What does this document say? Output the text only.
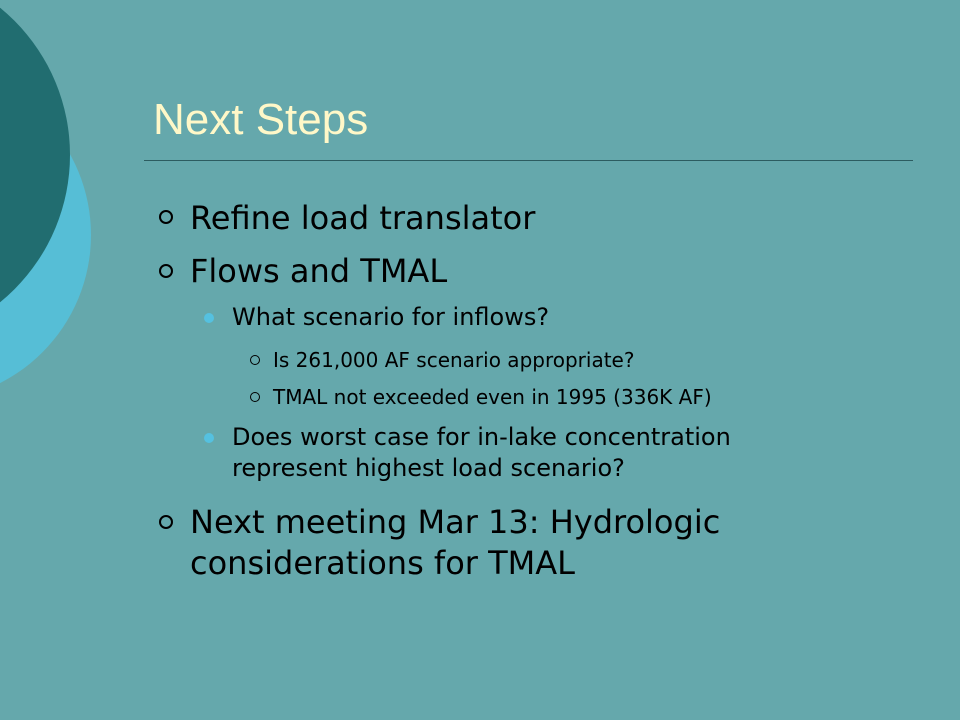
Next Steps
Refine load translator
Flows and TMAL
What scenario for inflows?
Is 261,000 AF scenario appropriate?
TMAL not exceeded even in 1995 (336K AF)
Does worst case for in-lake concentration
represent highest load scenario?
Next meeting Mar 13: Hydrologic
considerations for TMAL
